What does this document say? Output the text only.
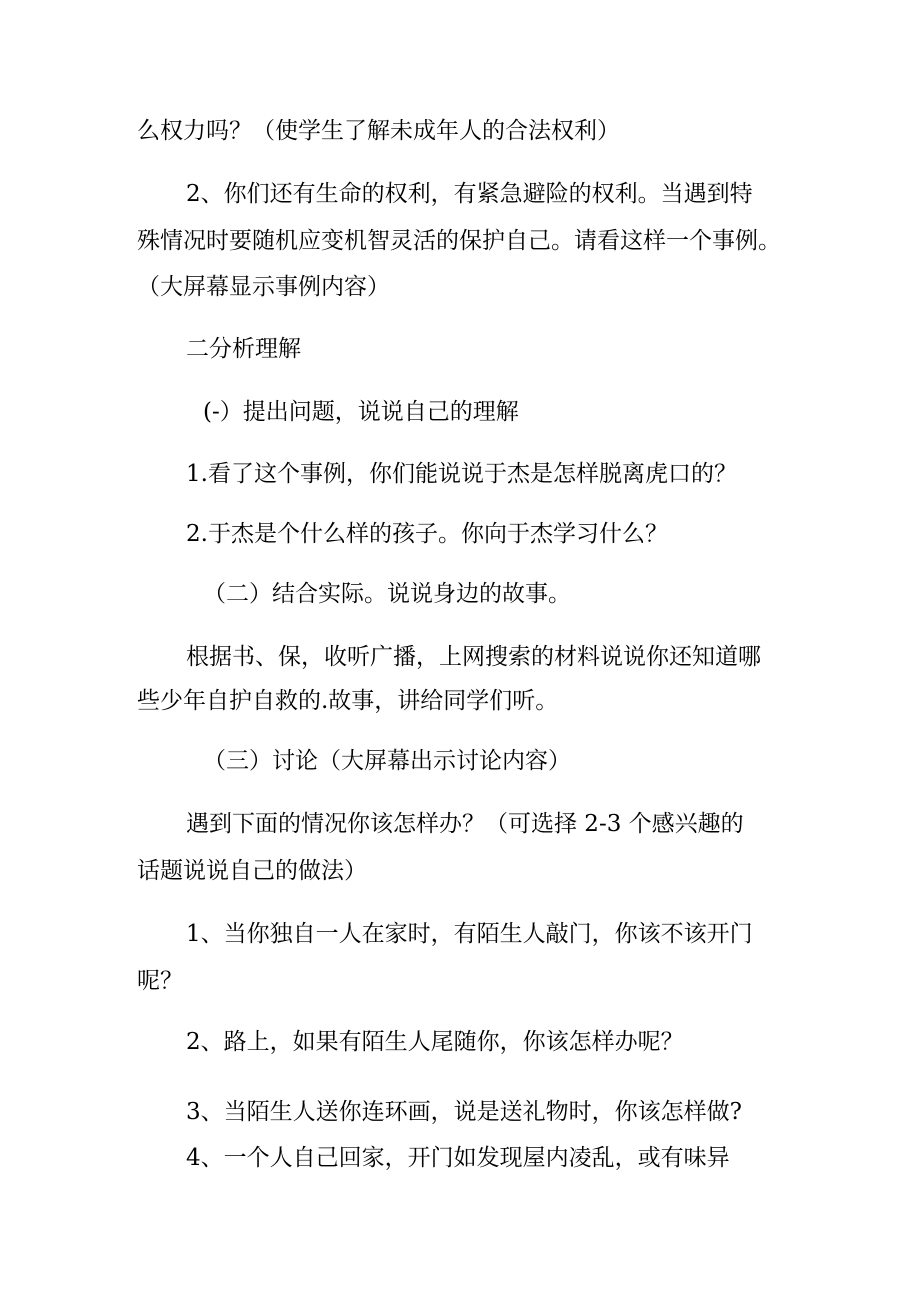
么权力吗？（使学生了解未成年人的合法权利）
2、你们还有生命的权利，有紧急避险的权利。当遇到特
殊情况时要随机应变机智灵活的保护自己。请看这样一个事例。
（大屏幕显示事例内容）
二分析理解
(-）提出问题，说说自己的理解
1.看了这个事例，你们能说说于杰是怎样脱离虎口的？
2.于杰是个什么样的孩子。你向于杰学习什么？
（二）结合实际。说说身边的故事。
根据书、保，收听广播，上网搜索的材料说说你还知道哪
些少年自护自救的.故事，讲给同学们听。
（三）讨论（大屏幕出示讨论内容）
遇到下面的情况你该怎样办？（可选择 2-3 个感兴趣的
话题说说自己的做法）
1、当你独自一人在家时，有陌生人敲门，你该不该开门
呢？
2、路上，如果有陌生人尾随你，你该怎样办呢？
3、当陌生人送你连环画，说是送礼物时，你该怎样做?
4、一个人自己回家，开门如发现屋内凌乱，或有味异
